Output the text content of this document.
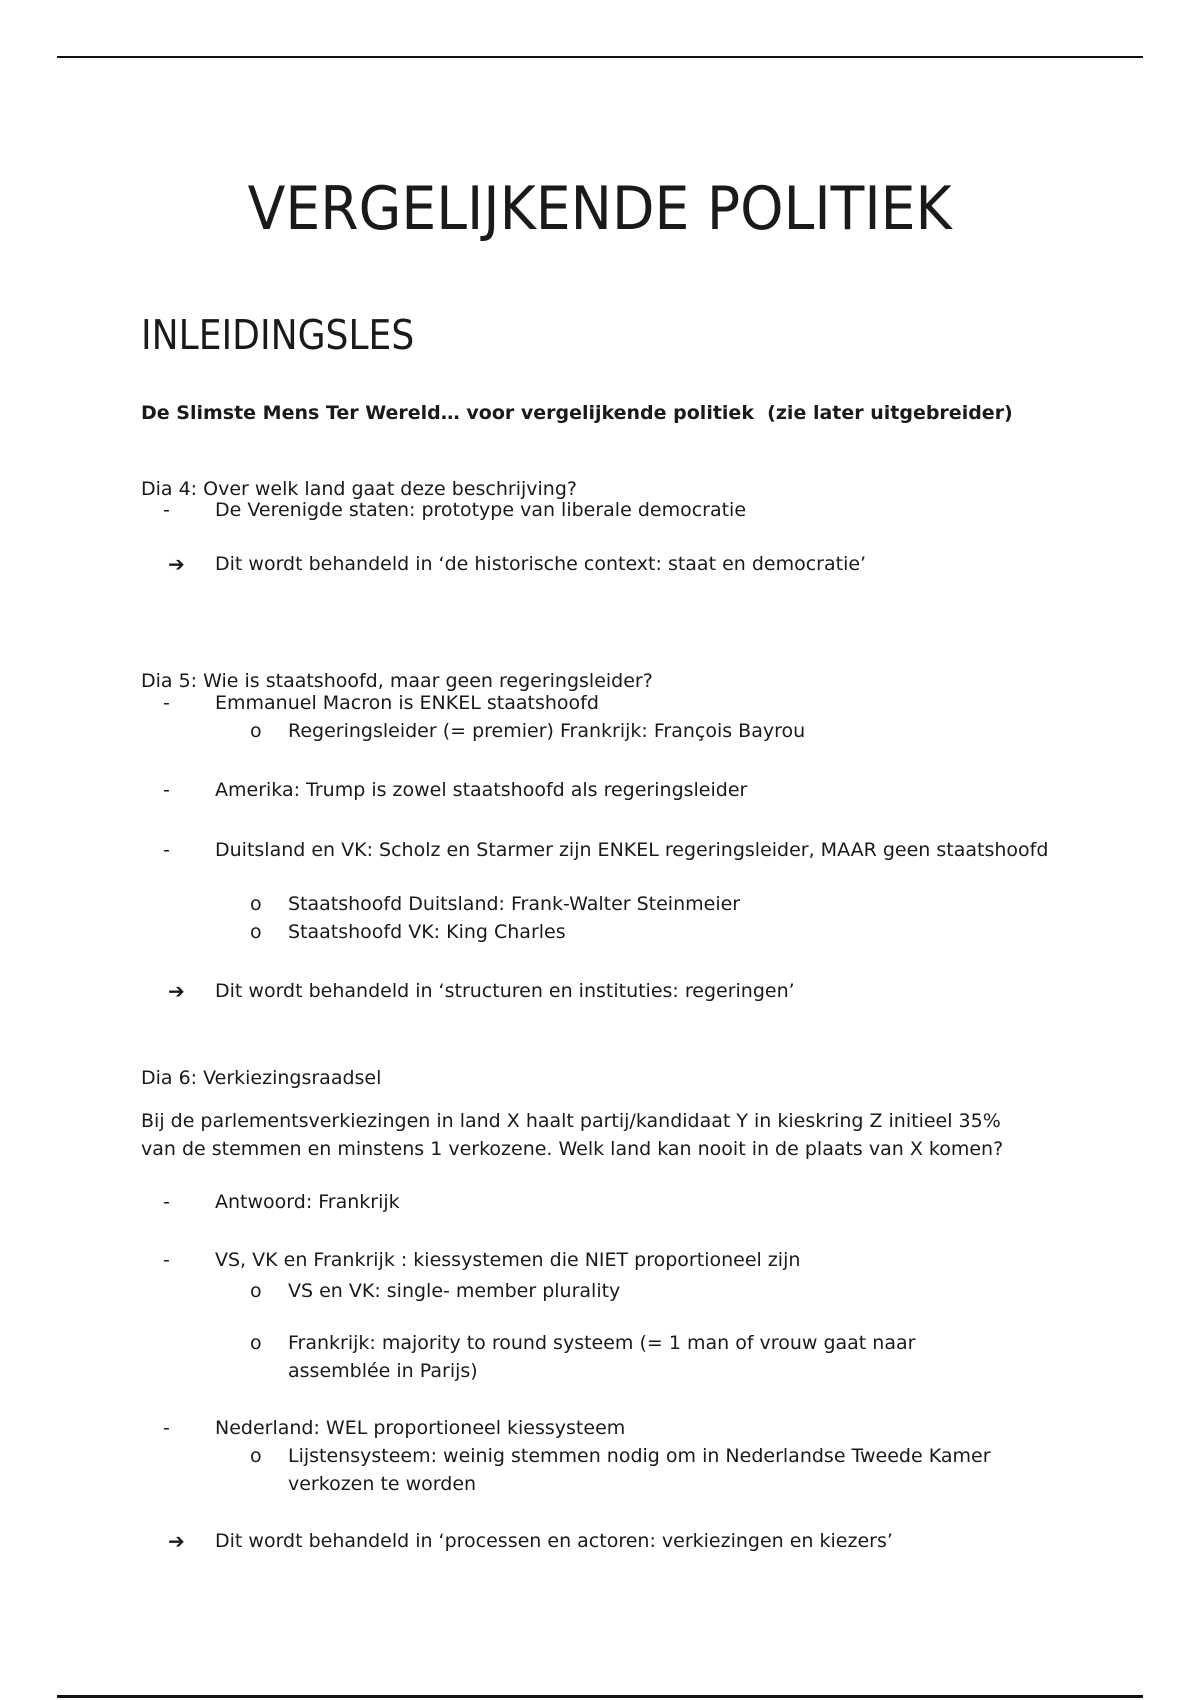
VERGELIJKENDE POLITIEK
INLEIDINGSLES

De Slimste Mens Ter Wereld… voor vergelijkende politiek  (zie later uitgebreider)

Dia 4: Over welk land gaat deze beschrijving?

-	De Verenigde staten: prototype van liberale democratie
➔	Dit wordt behandeld in ‘de historische context: staat en democratie’

Dia 5: Wie is staatshoofd, maar geen regeringsleider?

-	Emmanuel Macron is ENKEL staatshoofd
o	Regeringsleider (= premier) Frankrijk: François Bayrou
-	Amerika: Trump is zowel staatshoofd als regeringsleider
-	Duitsland en VK: Scholz en Starmer zijn ENKEL regeringsleider, MAAR geen staatshoofd
o	Staatshoofd Duitsland: Frank-Walter Steinmeier
o	Staatshoofd VK: King Charles
➔	Dit wordt behandeld in ‘structuren en instituties: regeringen’

Dia 6: Verkiezingsraadsel

Bij de parlementsverkiezingen in land X haalt partij/kandidaat Y in kieskring Z initieel 35% van de stemmen en minstens 1 verkozene. Welk land kan nooit in de plaats van X komen?

-	Antwoord: Frankrijk
-	VS, VK en Frankrijk : kiessystemen die NIET proportioneel zijn
o	VS en VK: single- member plurality
o	Frankrijk: majority to round systeem (= 1 man of vrouw gaat naar assemblée in Parijs)
-	Nederland: WEL proportioneel kiessysteem
o	Lijstensysteem: weinig stemmen nodig om in Nederlandse Tweede Kamer verkozen te worden
➔	Dit wordt behandeld in ‘processen en actoren: verkiezingen en kiezers’
